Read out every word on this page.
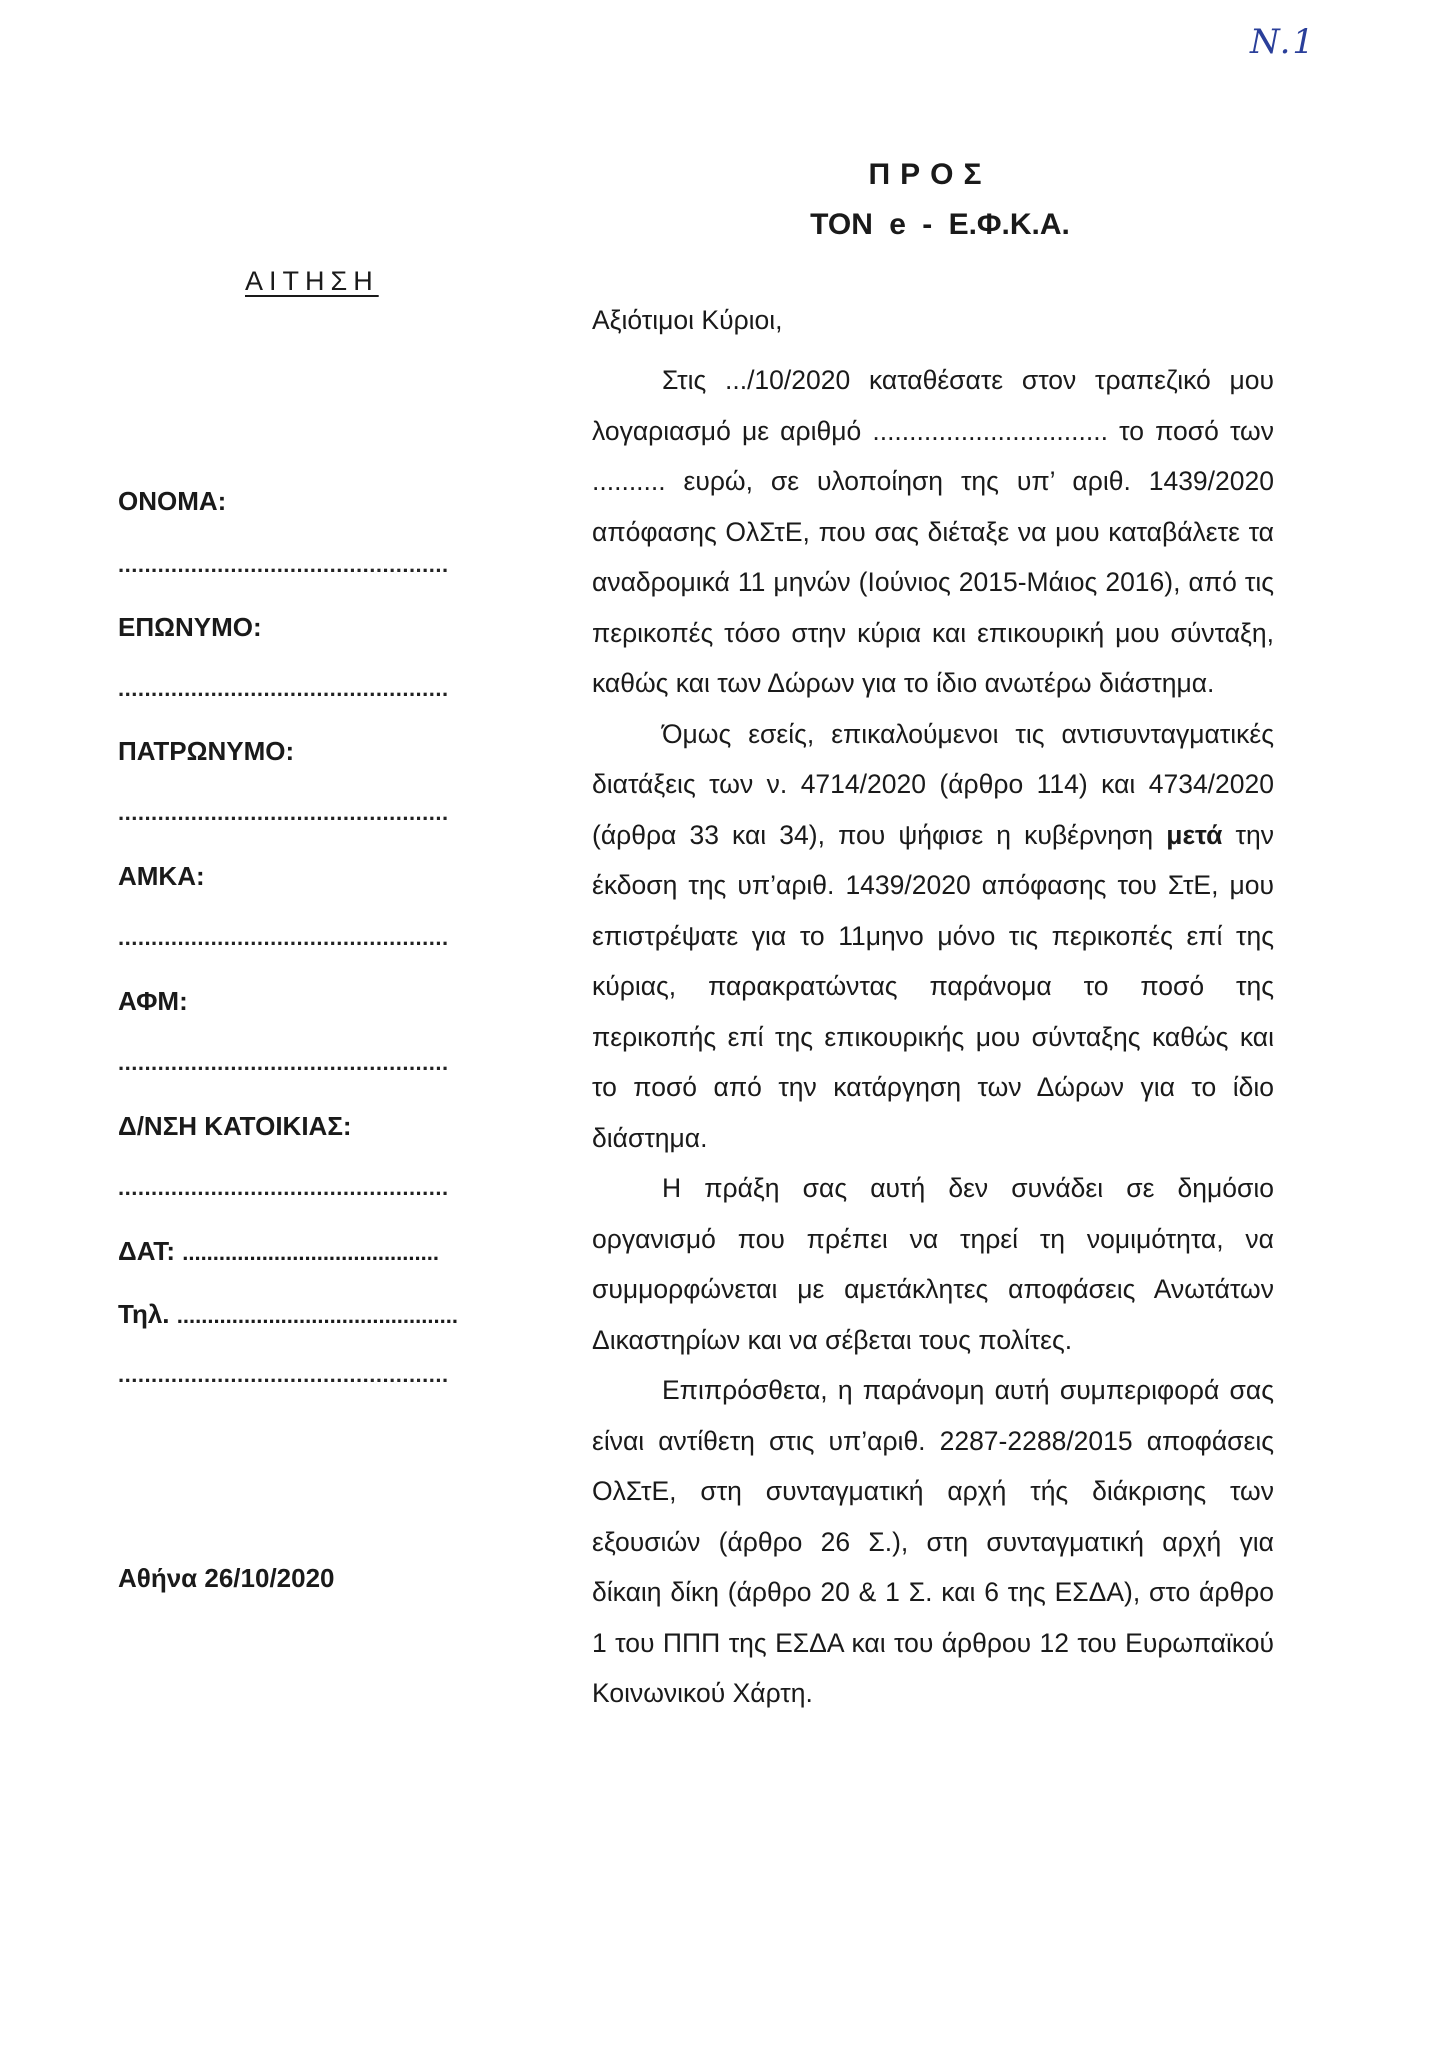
N.1
ΠΡΟΣ
ΤΟΝ e - Ε.Φ.Κ.Α.
ΑΙΤΗΣΗ
ΟΝΟΜΑ:
..................................................
ΕΠΩΝΥΜΟ:
..................................................
ΠΑΤΡΩΝΥΜΟ:
..................................................
ΑΜΚΑ:
..................................................
ΑΦΜ:
..................................................
Δ/ΝΣΗ ΚΑΤΟΙΚΙΑΣ:
..................................................
ΔΑΤ: ..........................................
Τηλ. ..............................................
..................................................
Αθήνα 26/10/2020
Αξιότιμοι Κύριοι,

Στις .../10/2020 καταθέσατε στον τραπεζικό μου λογαριασμό με αριθμό ................................ το ποσό των .......... ευρώ, σε υλοποίηση της υπ’ αριθ. 1439/2020 απόφασης ΟλΣτΕ, που σας διέταξε να μου καταβάλετε τα αναδρομικά 11 μηνών (Ιούνιος 2015-Μάιος 2016), από τις περικοπές τόσο στην κύρια και επικουρική μου σύνταξη, καθώς και των Δώρων για το ίδιο ανωτέρω διάστημα.

Όμως εσείς, επικαλούμενοι τις αντισυνταγματικές διατάξεις των ν. 4714/2020 (άρθρο 114) και 4734/2020 (άρθρα 33 και 34), που ψήφισε η κυβέρνηση μετά την έκδοση της υπ’αριθ. 1439/2020 απόφασης του ΣτΕ, μου επιστρέψατε για το 11μηνο μόνο τις περικοπές επί της κύριας, παρακρατώντας παράνομα το ποσό της περικοπής επί της επικουρικής μου σύνταξης καθώς και το ποσό από την κατάργηση των Δώρων για το ίδιο διάστημα.

Η πράξη σας αυτή δεν συνάδει σε δημόσιο οργανισμό που πρέπει να τηρεί τη νομιμότητα, να συμμορφώνεται με αμετάκλητες αποφάσεις Ανωτάτων Δικαστηρίων και να σέβεται τους πολίτες.

Επιπρόσθετα, η παράνομη αυτή συμπεριφορά σας είναι αντίθετη στις υπ’αριθ. 2287-2288/2015 αποφάσεις ΟλΣτΕ, στη συνταγματική αρχή τής διάκρισης των εξουσιών (άρθρο 26 Σ.), στη συνταγματική αρχή για δίκαιη δίκη (άρθρο 20 & 1 Σ. και 6 της ΕΣΔΑ), στο άρθρο 1 του ΠΠΠ της ΕΣΔΑ και του άρθρου 12 του Ευρωπαϊκού Κοινωνικού Χάρτη.
